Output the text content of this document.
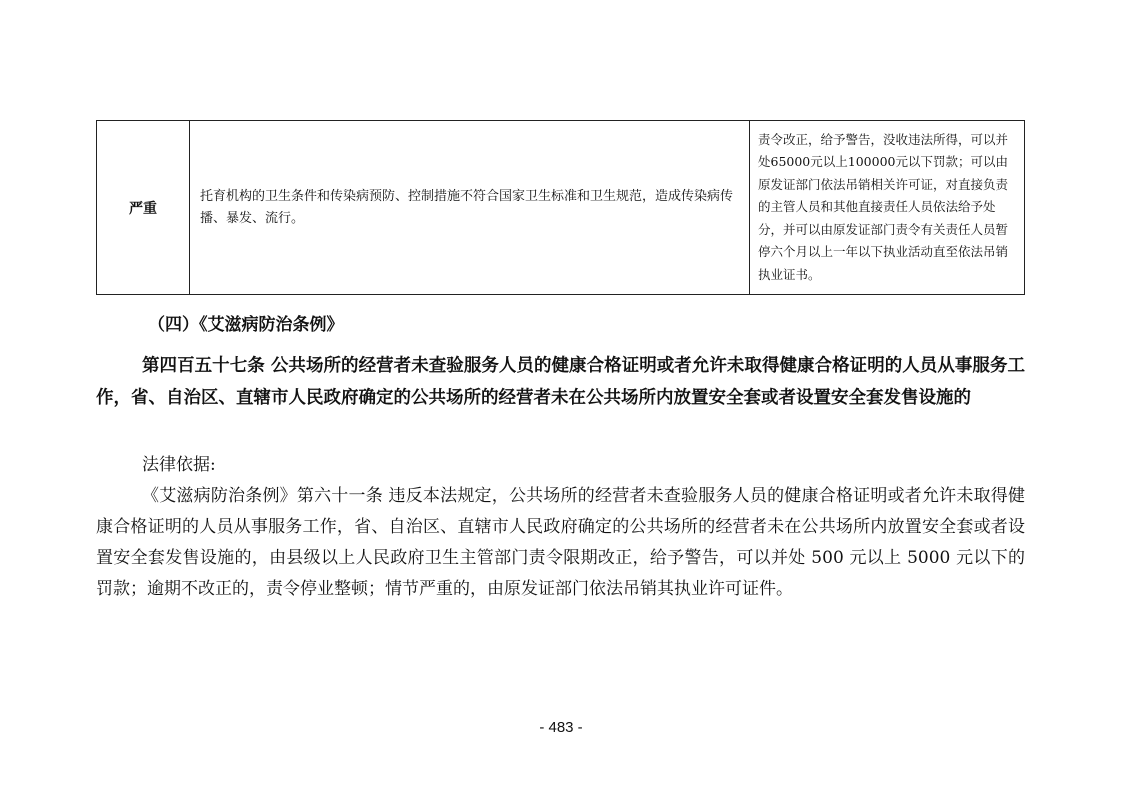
严重	托育机构的卫生条件和传染病预防、控制措施不符合国家卫生标准和卫生规范，造成传染病传播、暴发、流行。	责令改正，给予警告，没收违法所得，可以并处65000元以上100000元以下罚款；可以由原发证部门依法吊销相关许可证，对直接负责的主管人员和其他直接责任人员依法给予处分，并可以由原发证部门责令有关责任人员暂停六个月以上一年以下执业活动直至依法吊销执业证书。

（四）《艾滋病防治条例》

第四百五十七条 公共场所的经营者未查验服务人员的健康合格证明或者允许未取得健康合格证明的人员从事服务工作，省、自治区、直辖市人民政府确定的公共场所的经营者未在公共场所内放置安全套或者设置安全套发售设施的

法律依据:

《艾滋病防治条例》第六十一条 违反本法规定，公共场所的经营者未查验服务人员的健康合格证明或者允许未取得健康合格证明的人员从事服务工作，省、自治区、直辖市人民政府确定的公共场所的经营者未在公共场所内放置安全套或者设置安全套发售设施的，由县级以上人民政府卫生主管部门责令限期改正，给予警告，可以并处 500 元以上 5000 元以下的罚款；逾期不改正的，责令停业整顿；情节严重的，由原发证部门依法吊销其执业许可证件。

- 483 -
